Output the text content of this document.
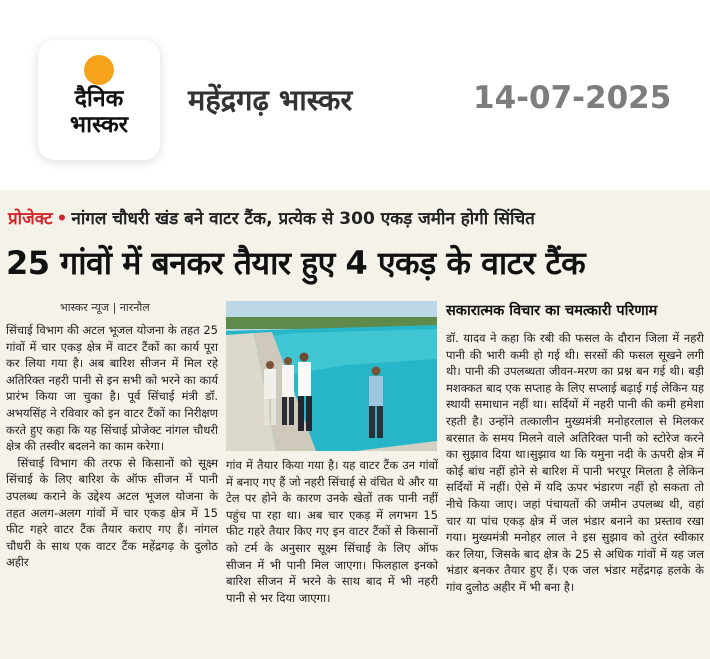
दैनिक
भास्कर
महेंद्रगढ़ भास्कर	14-07-2025
प्रोजेक्ट • नांगल चौधरी खंड बने वाटर टैंक, प्रत्येक से 300 एकड़ जमीन होगी सिंचित
25 गांवों में बनकर तैयार हुए 4 एकड़ के वाटर टैंक
भास्कर न्यूज | नारनौल

सिंचाई विभाग की अटल भूजल योजना के तहत 25 गांवों में चार एकड़ क्षेत्र में वाटर टैंकों का कार्य पूरा कर लिया गया है। अब बारिश सीजन में मिल रहे अतिरिक्त नहरी पानी से इन सभी को भरने का कार्य प्रारंभ किया जा चुका है। पूर्व सिंचाई मंत्री डॉ. अभयसिंह ने रविवार को इन वाटर टैंकों का निरीक्षण करते हुए कहा कि यह सिंचाई प्रोजेक्ट नांगल चौधरी क्षेत्र की तस्वीर बदलने का काम करेगा।

सिंचाई विभाग की तरफ से किसानों को सूक्ष्म सिंचाई के लिए बारिश के ऑफ सीजन में पानी उपलब्ध कराने के उद्देश्य अटल भूजल योजना के तहत अलग-अलग गांवों में चार एकड़ क्षेत्र में 15 फीट गहरे वाटर टैंक तैयार कराए गए हैं। नांगल चौधरी के साथ एक वाटर टैंक महेंद्रगढ़ के दुलोठ अहीर

गांव में तैयार किया गया है। यह वाटर टैंक उन गांवों में बनाए गए हैं जो नहरी सिंचाई से वंचित थे और या टेल पर होने के कारण उनके खेतों तक पानी नहीं पहुंच पा रहा था। अब चार एकड़ में लगभग 15 फीट गहरे तैयार किए गए इन वाटर टैंकों से किसानों को टर्म के अनुसार सूक्ष्म सिंचाई के लिए ऑफ सीजन में भी पानी मिल जाएगा। फिलहाल इनको बारिश सीजन में भरने के साथ बाद में भी नहरी पानी से भर दिया जाएगा।
सकारात्मक विचार का चमत्कारी परिणाम
डॉ. यादव ने कहा कि रबी की फसल के दौरान जिला में नहरी पानी की भारी कमी हो गई थी। सरसों की फसल सूखने लगी थी। पानी की उपलब्धता जीवन-मरण का प्रश्न बन गई थी। बड़ी मशक्कत बाद एक सप्ताह के लिए सप्लाई बढ़ाई गई लेकिन यह स्थायी समाधान नहीं था। सर्दियों में नहरी पानी की कमी हमेशा रहती है। उन्होंने तत्कालीन मुख्यमंत्री मनोहरलाल से मिलकर बरसात के समय मिलने वाले अतिरिक्त पानी को स्टोरेज करने का सुझाव दिया था।सुझाव था कि यमुना नदी के ऊपरी क्षेत्र में कोई बांध नहीं होने से बारिश में पानी भरपूर मिलता है लेकिन सर्दियों में नहीं। ऐसे में यदि ऊपर भंडारण नहीं हो सकता तो नीचे किया जाए। जहां पंचायतों की जमीन उपलब्ध थी, वहां चार या पांच एकड़ क्षेत्र में जल भंडार बनाने का प्रस्ताव रखा गया। मुख्यमंत्री मनोहर लाल ने इस सुझाव को तुरंत स्वीकार कर लिया, जिसके बाद क्षेत्र के 25 से अधिक गांवों में यह जल भंडार बनकर तैयार हुए हैं। एक जल भंडार महेंद्रगढ़ हलके के गांव दुलोठ अहीर में भी बना है।
